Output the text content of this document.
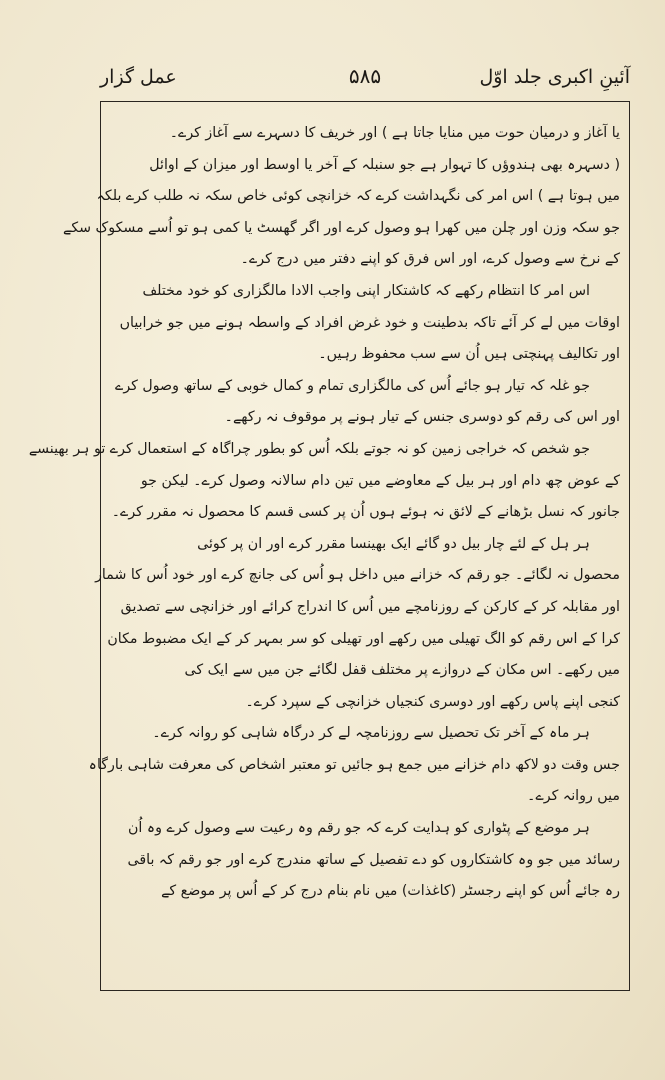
آئینِ اکبری جلد اوّل
۵۸۵
عمل گزار
یا آغاز و درمیان حوت میں منایا جاتا ہے ) اور خریف کا دسہرے سے آغاز کرے۔
( دسہرہ بھی ہندوؤں کا تہوار ہے جو سنبلہ کے آخر یا اوسط اور میزان کے اوائل
میں ہوتا ہے ) اس امر کی نگہداشت کرے کہ خزانچی کوئی خاص سکہ نہ طلب کرے بلکہ
جو سکہ وزن اور چلن میں کھرا ہو وصول کرے اور اگر گھسٹ یا کمی ہو تو اُسے مسکوک سکے
کے نرخ سے وصول کرے، اور اس فرق کو اپنے دفتر میں درج کرے۔
اس امر کا انتظام رکھے کہ کاشتکار اپنی واجب الادا مالگزاری کو خود مختلف
اوقات میں لے کر آئے تاکہ بدطینت و خود غرض افراد کے واسطہ ہونے میں جو خرابیاں
اور تکالیف پہنچتی ہیں اُن سے سب محفوظ رہیں۔
جو غلہ کہ تیار ہو جائے اُس کی مالگزاری تمام و کمال خوبی کے ساتھ وصول کرے
اور اس کی رقم کو دوسری جنس کے تیار ہونے پر موقوف نہ رکھے۔
جو شخص کہ خراجی زمین کو نہ جوتے بلکہ اُس کو بطور چراگاہ کے استعمال کرے تو ہر بھینسے
کے عوض چھ دام اور ہر بیل کے معاوضے میں تین دام سالانہ وصول کرے۔ لیکن جو
جانور کہ نسل بڑھانے کے لائق نہ ہوئے ہوں اُن پر کسی قسم کا محصول نہ مقرر کرے۔
ہر ہل کے لئے چار بیل دو گائے ایک بھینسا مقرر کرے اور ان پر کوئی
محصول نہ لگائے۔ جو رقم کہ خزانے میں داخل ہو اُس کی جانچ کرے اور خود اُس کا شمار
اور مقابلہ کر کے کارکن کے روزنامچے میں اُس کا اندراج کرائے اور خزانچی سے تصدیق
کرا کے اس رقم کو الگ تھیلی میں رکھے اور تھیلی کو سر بمہر کر کے ایک مضبوط مکان
میں رکھے۔ اس مکان کے دروازے پر مختلف قفل لگائے جن میں سے ایک کی
کنجی اپنے پاس رکھے اور دوسری کنجیاں خزانچی کے سپرد کرے۔
ہر ماہ کے آخر تک تحصیل سے روزنامچہ لے کر درگاہ شاہی کو روانہ کرے۔
جس وقت دو لاکھ دام خزانے میں جمع ہو جائیں تو معتبر اشخاص کی معرفت شاہی بارگاہ
میں روانہ کرے۔
ہر موضع کے پٹواری کو ہدایت کرے کہ جو رقم وہ رعیت سے وصول کرے وہ اُن
رسائد میں جو وہ کاشتکاروں کو دے تفصیل کے ساتھ مندرج کرے اور جو رقم کہ باقی
رہ جائے اُس کو اپنے رجسٹر (کاغذات) میں نام بنام درج کر کے اُس پر موضع کے
